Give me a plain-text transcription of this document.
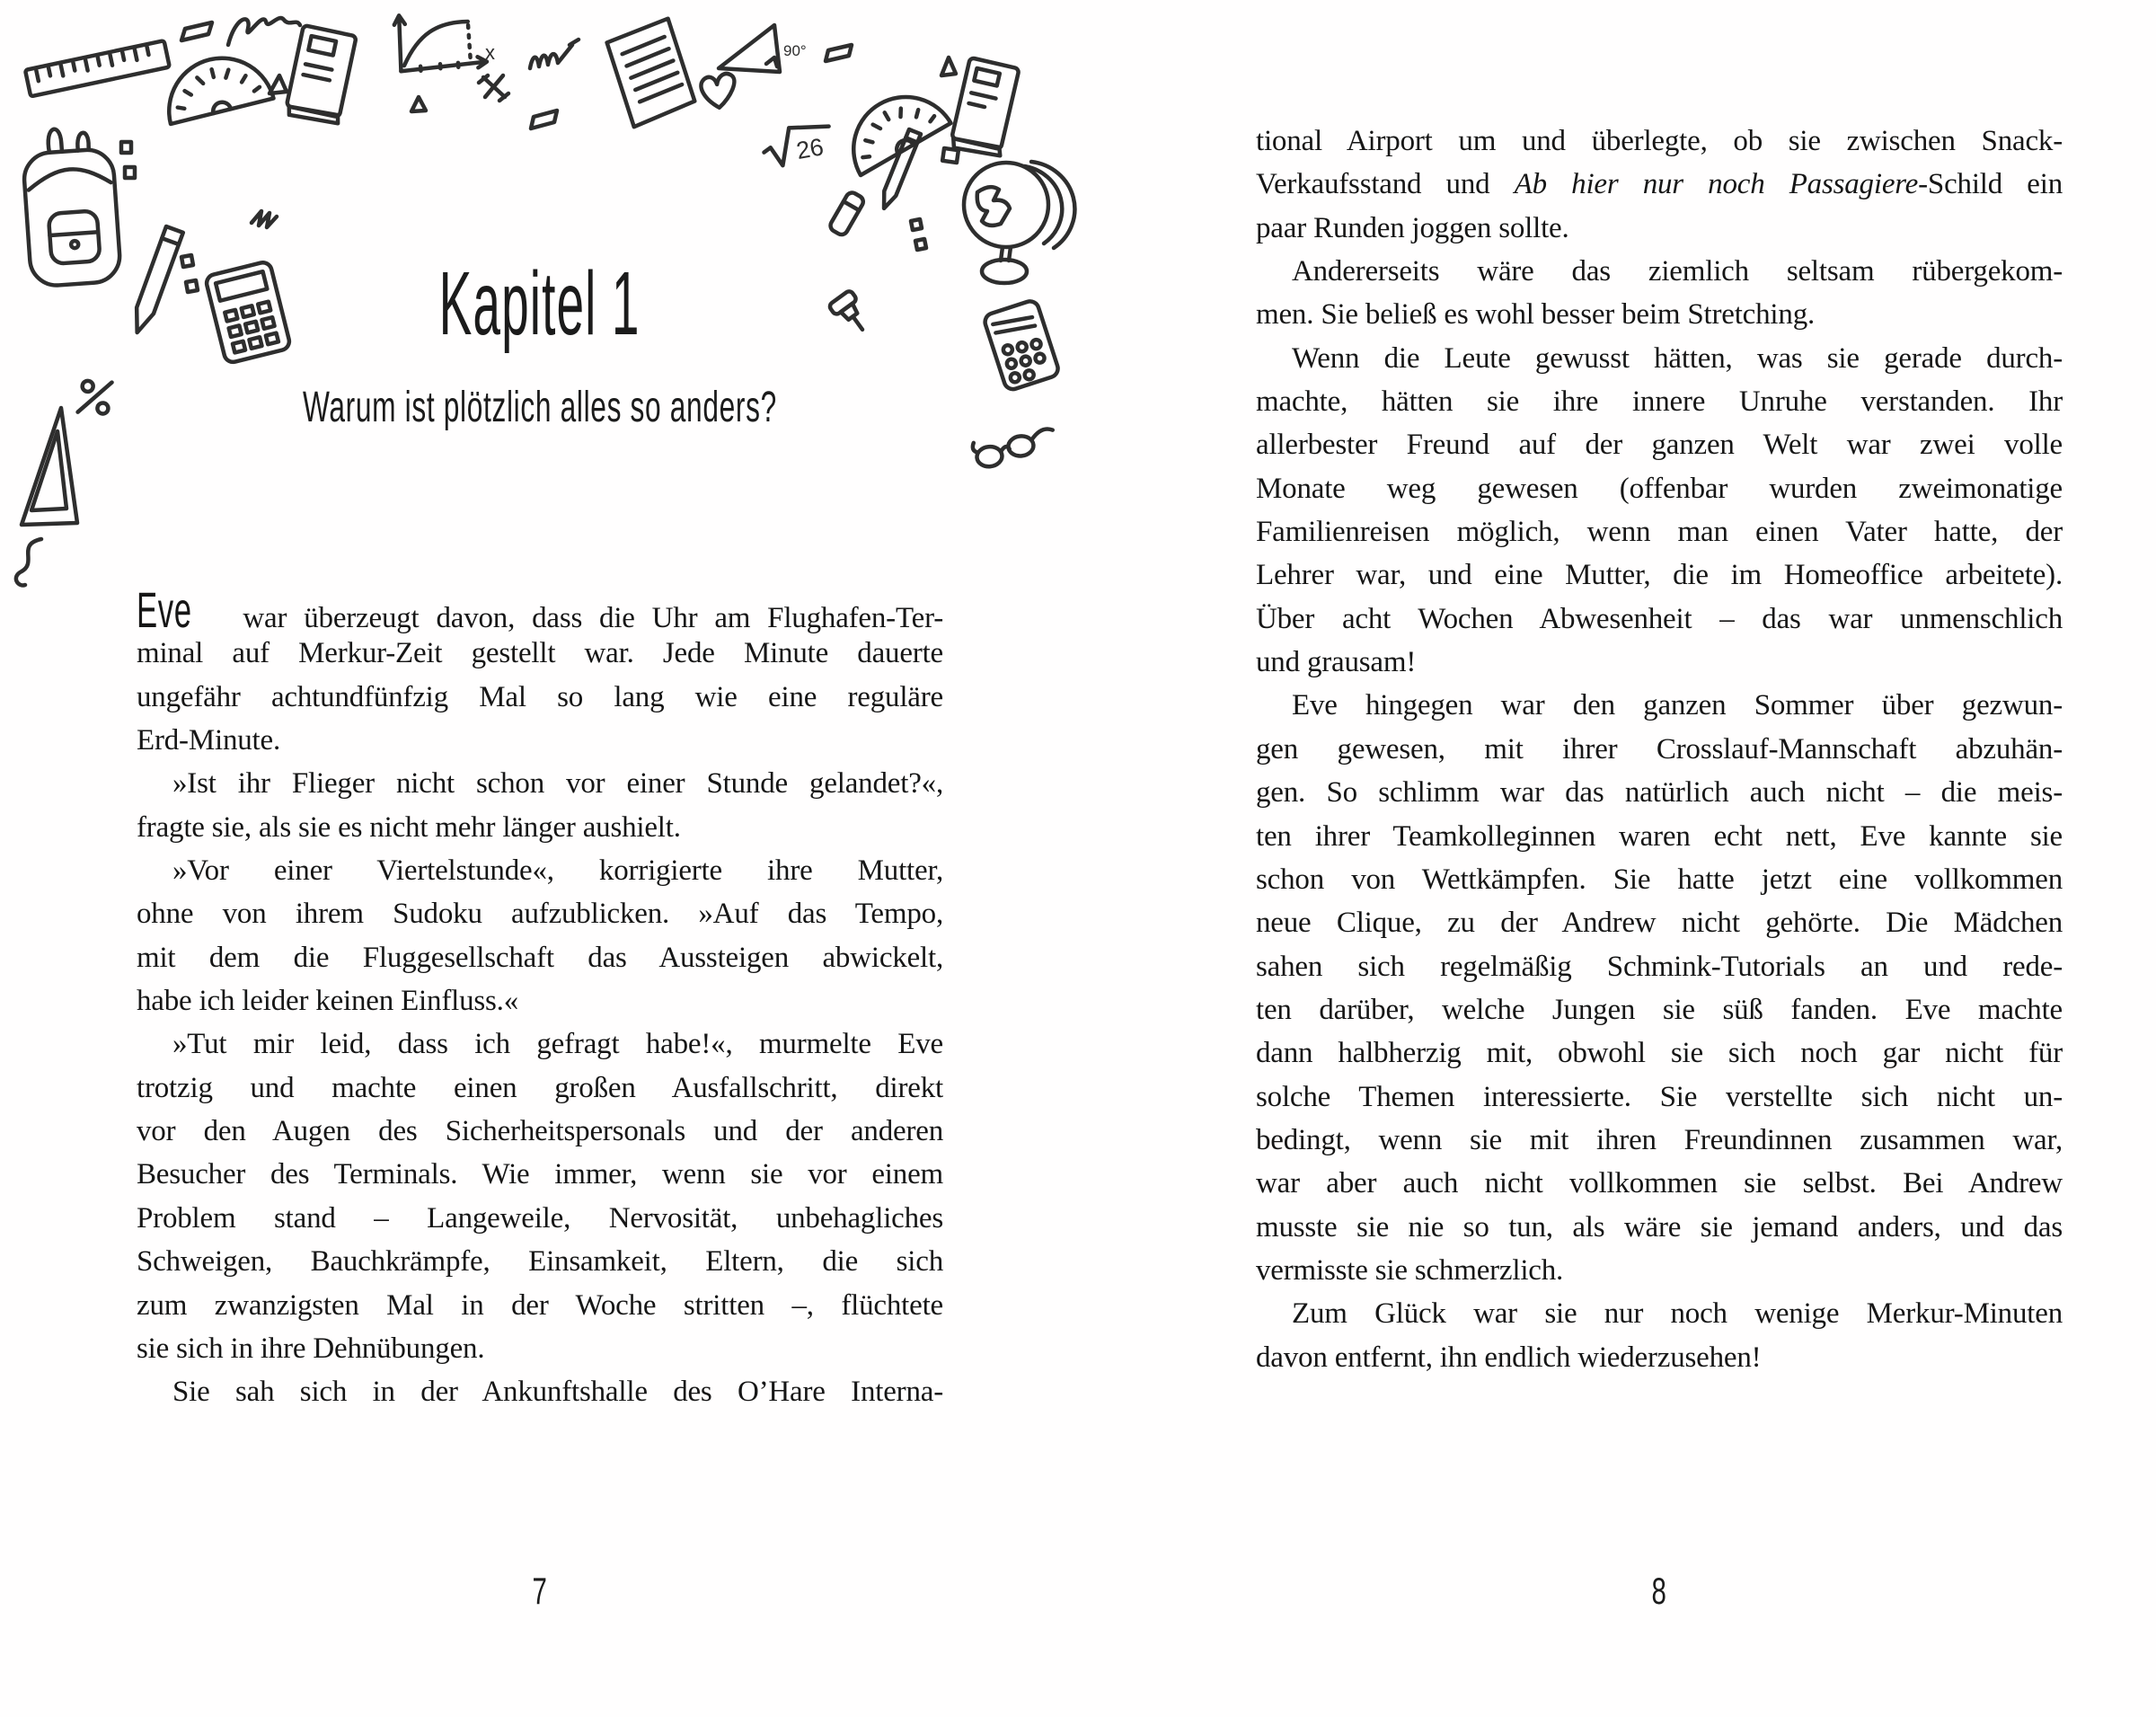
x	90°
26
Kapitel 1
Warum ist plötzlich alles so anders?
Eve war überzeugt davon, dass die Uhr am Flughafen-Ter-
minal auf Merkur-Zeit gestellt war. Jede Minute dauerte
ungefähr achtundfünfzig Mal so lang wie eine reguläre
Erd-Minute.
»Ist ihr Flieger nicht schon vor einer Stunde gelandet?«,
fragte sie, als sie es nicht mehr länger aushielt.
»Vor einer Viertelstunde«, korrigierte ihre Mutter,
ohne von ihrem Sudoku aufzublicken. »Auf das Tempo,
mit dem die Fluggesellschaft das Aussteigen abwickelt,
habe ich leider keinen Einfluss.«
»Tut mir leid, dass ich gefragt habe!«, murmelte Eve
trotzig und machte einen großen Ausfallschritt, direkt
vor den Augen des Sicherheitspersonals und der anderen
Besucher des Terminals. Wie immer, wenn sie vor einem
Problem stand – Langeweile, Nervosität, unbehagliches
Schweigen, Bauchkrämpfe, Einsamkeit, Eltern, die sich
zum zwanzigsten Mal in der Woche stritten –, flüchtete
sie sich in ihre Dehnübungen.
Sie sah sich in der Ankunftshalle des O’Hare Interna-
7
tional Airport um und überlegte, ob sie zwischen Snack-
Verkaufsstand und Ab hier nur noch Passagiere-Schild ein
paar Runden joggen sollte.
Andererseits wäre das ziemlich seltsam rübergekom-
men. Sie beließ es wohl besser beim Stretching.
Wenn die Leute gewusst hätten, was sie gerade durch-
machte, hätten sie ihre innere Unruhe verstanden. Ihr
allerbester Freund auf der ganzen Welt war zwei volle
Monate weg gewesen (offenbar wurden zweimonatige
Familienreisen möglich, wenn man einen Vater hatte, der
Lehrer war, und eine Mutter, die im Homeoffice arbeitete).
Über acht Wochen Abwesenheit – das war unmenschlich
und grausam!
Eve hingegen war den ganzen Sommer über gezwun-
gen gewesen, mit ihrer Crosslauf-Mannschaft abzuhän-
gen. So schlimm war das natürlich auch nicht – die meis-
ten ihrer Teamkolleginnen waren echt nett, Eve kannte sie
schon von Wettkämpfen. Sie hatte jetzt eine vollkommen
neue Clique, zu der Andrew nicht gehörte. Die Mädchen
sahen sich regelmäßig Schmink-Tutorials an und rede-
ten darüber, welche Jungen sie süß fanden. Eve machte
dann halbherzig mit, obwohl sie sich noch gar nicht für
solche Themen interessierte. Sie verstellte sich nicht un-
bedingt, wenn sie mit ihren Freundinnen zusammen war,
war aber auch nicht vollkommen sie selbst. Bei Andrew
musste sie nie so tun, als wäre sie jemand anders, und das
vermisste sie schmerzlich.
Zum Glück war sie nur noch wenige Merkur-Minuten
davon entfernt, ihn endlich wiederzusehen!
8
